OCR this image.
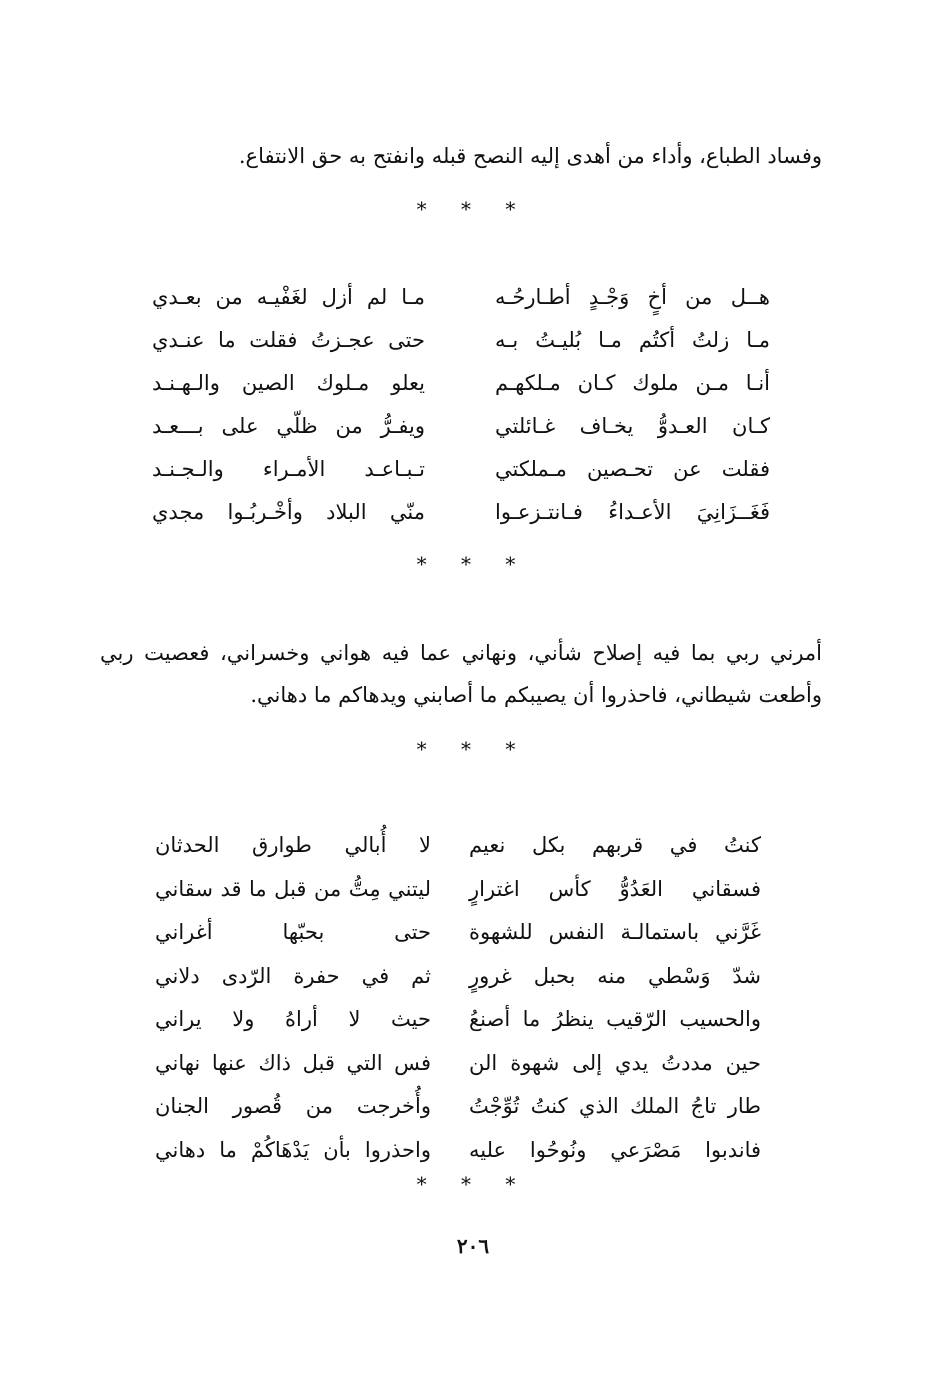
وفساد الطباع، وأداء من أهدى إليه النصح قبله وانفتح به حق الانتفاع.

* * *
هــل من أخٍ وَجْـدٍ أطـارحُـه
مـا لم أزل لغَفْيـه من بعـدي
مـا زلتُ أكتُم مـا بُليـتُ بـه
حتى عجـزتُ فقلت ما عنـدي
أنـا مـن ملوك كـان مـلكهـم
يعلو مـلوك الصين والـهـنـد
كـان العـدوُّ يخـاف غـائلتي
ويفـرُّ من ظلّي على بـــعـد
فقلت عن تحـصين مـملكتي
تـبـاعـد الأمـراء والـجـنـد
فَغَــزَانِيَ الأعـداءُ فـانتـزعـوا
منّي البلاد وأخْـربُـوا مجدي
* * *

أمرني ربي بما فيه إصلاح شأني، ونهاني عما فيه هواني وخسراني، فعصيت ربي وأطعت شيطاني، فاحذروا أن يصيبكم ما أصابني ويدهاكم ما دهاني.

* * *
كنتُ في قربهم بكل نعيم
لا أُبالي طوارق الحدثان
فسقاني العَدُوُّ كأس اغترارٍ
ليتني مِتُّ من قبل ما قد سقاني
غَرَّني باستمالـة النفس للشهوة
حتى بحبّها أغراني
شدّ وَسْطي منه بحبل غرورٍ
ثم في حفرة الرّدى دلاني
والحسيب الرّقيب ينظرُ ما أصنعُ
حيث لا أراهُ ولا يراني
حين مددتُ يدي إلى شهوة الن
فس التي قبل ذاك عنها نهاني
طار تاجُ الملك الذي كنتُ تُوِّجْتُ
وأُخرجت من قُصور الجنان
فاندبوا مَصْرَعي ونُوحُوا عليه
واحذروا بأن يَدْهَاكُمْ ما دهاني
* * *
٢٠٦
